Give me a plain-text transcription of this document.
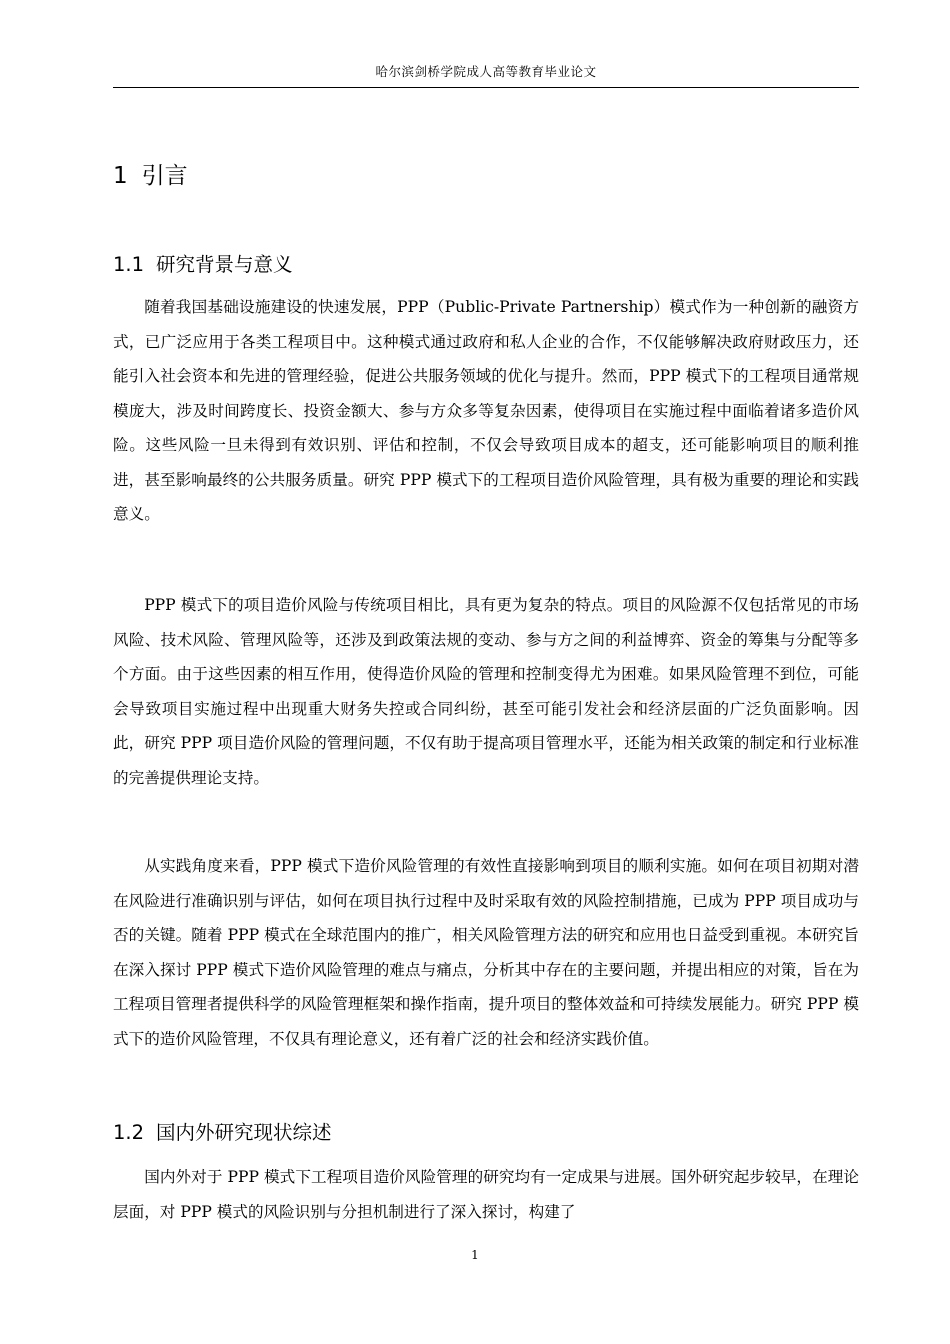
哈尔滨剑桥学院成人高等教育毕业论文
1 引言
1.1 研究背景与意义

随着我国基础设施建设的快速发展，PPP（Public-Private Partnership）模式作为一种创新的融资方式，已广泛应用于各类工程项目中。这种模式通过政府和私人企业的合作，不仅能够解决政府财政压力，还能引入社会资本和先进的管理经验，促进公共服务领域的优化与提升。然而，PPP 模式下的工程项目通常规模庞大，涉及时间跨度长、投资金额大、参与方众多等复杂因素，使得项目在实施过程中面临着诸多造价风险。这些风险一旦未得到有效识别、评估和控制，不仅会导致项目成本的超支，还可能影响项目的顺利推进，甚至影响最终的公共服务质量。研究 PPP 模式下的工程项目造价风险管理，具有极为重要的理论和实践意义。

PPP 模式下的项目造价风险与传统项目相比，具有更为复杂的特点。项目的风险源不仅包括常见的市场风险、技术风险、管理风险等，还涉及到政策法规的变动、参与方之间的利益博弈、资金的筹集与分配等多个方面。由于这些因素的相互作用，使得造价风险的管理和控制变得尤为困难。如果风险管理不到位，可能会导致项目实施过程中出现重大财务失控或合同纠纷，甚至可能引发社会和经济层面的广泛负面影响。因此，研究 PPP 项目造价风险的管理问题，不仅有助于提高项目管理水平，还能为相关政策的制定和行业标准的完善提供理论支持。

从实践角度来看，PPP 模式下造价风险管理的有效性直接影响到项目的顺利实施。如何在项目初期对潜在风险进行准确识别与评估，如何在项目执行过程中及时采取有效的风险控制措施，已成为 PPP 项目成功与否的关键。随着 PPP 模式在全球范围内的推广，相关风险管理方法的研究和应用也日益受到重视。本研究旨在深入探讨 PPP 模式下造价风险管理的难点与痛点，分析其中存在的主要问题，并提出相应的对策，旨在为工程项目管理者提供科学的风险管理框架和操作指南，提升项目的整体效益和可持续发展能力。研究 PPP 模式下的造价风险管理，不仅具有理论意义，还有着广泛的社会和经济实践价值。

1.2 国内外研究现状综述

国内外对于 PPP 模式下工程项目造价风险管理的研究均有一定成果与进展。国外研究起步较早，在理论层面，对 PPP 模式的风险识别与分担机制进行了深入探讨，构建了

1
